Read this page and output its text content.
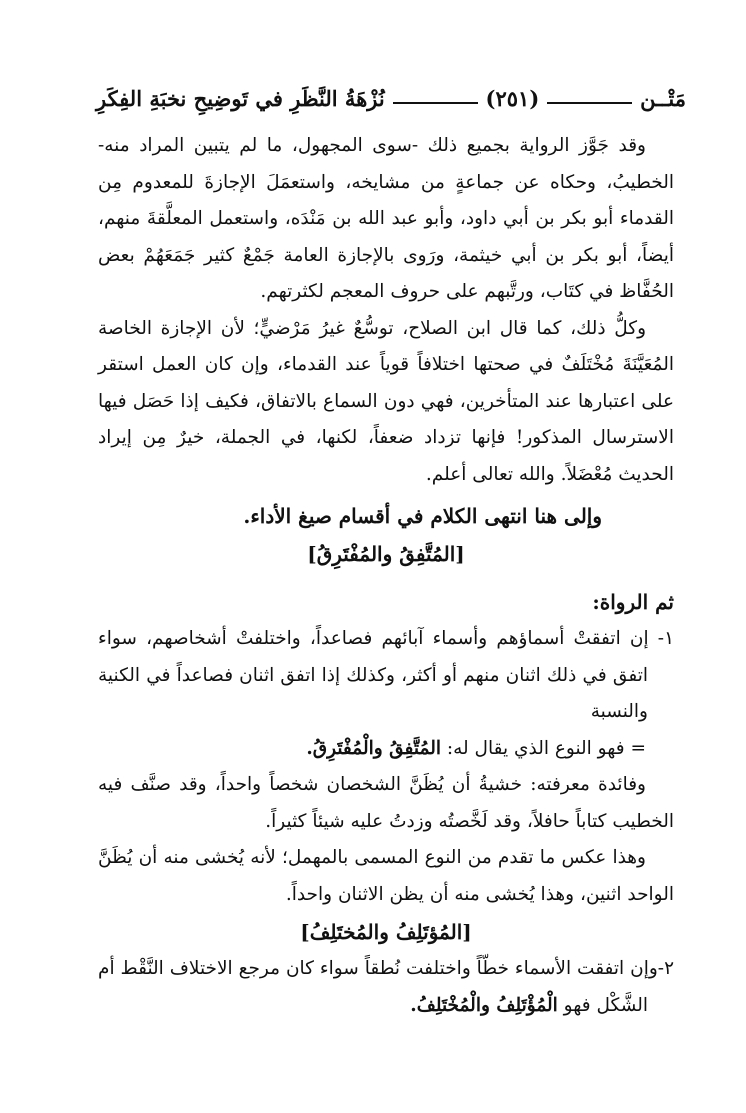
مَتْــن
(٢٥١)
نُزْهَةُ النَّظَرِ في تَوضِيحِ نخبَةِ الفِكَرِ

وقد جَوَّز الرواية بجميع ذلك -سوى المجهول، ما لم يتبين المراد منه- الخطيبُ، وحكاه عن جماعةٍ من مشايخه، واستعمَلَ الإجازةَ للمعدوم مِن القدماء أبو بكر بن أبي داود، وأبو عبد الله بن مَنْدَه، واستعمل المعلَّقةَ منهم، أيضاً، أبو بكر بن أبي خيثمة، ورَوى بالإجازة العامة جَمْعٌ كثير جَمَعَهُمْ بعض الحُفَّاظ في كتَاب، ورتَّبهم على حروف المعجم لكثرتهم.

وكلُّ ذلك، كما قال ابن الصلاح، توسُّعٌ غيرُ مَرْضيٍّ؛ لأن الإجازة الخاصة المُعَيَّنَةَ مُخْتَلَفٌ في صحتها اختلافاً قوياً عند القدماء، وإن كان العمل استقر على اعتبارها عند المتأخرين، فهي دون السماع بالاتفاق، فكيف إذا حَصَل فيها الاسترسال المذكور! فإنها تزداد ضعفاً، لكنها، في الجملة، خيرٌ مِن إيراد الحديث مُعْضَلاً. والله تعالى أعلم.

وإلى هنا انتهى الكلام في أقسام صيغ الأداء.

[المُتَّفِقُ والمُفْتَرِقُ]

ثم الرواة:

١- إن اتفقتْ أسماؤهم وأسماء آبائهم فصاعداً، واختلفتْ أشخاصهم، سواء اتفق في ذلك اثنان منهم أو أكثر، وكذلك إذا اتفق اثنان فصاعداً في الكنية والنسبة

= فهو النوع الذي يقال له: المُتَّفِقُ والْمُفْتَرِقُ.

وفائدة معرفته: خشيةُ أن يُظَنَّ الشخصان شخصاً واحداً، وقد صنَّف فيه الخطيب كتاباً حافلاً، وقد لَخَّصتُه وزدتُ عليه شيئاً كثيراً.

وهذا عكس ما تقدم من النوع المسمى بالمهمل؛ لأنه يُخشى منه أن يُظَنَّ الواحد اثنين، وهذا يُخشى منه أن يظن الاثنان واحداً.

[المُؤتَلِفُ والمُختَلِفُ]

٢-وإن اتفقت الأسماء خطّاً واختلفت نُطقاً سواء كان مرجع الاختلاف النَّقْط أم الشَّكْل فهو الْمُؤْتَلِفُ والْمُخْتَلِفُ.
